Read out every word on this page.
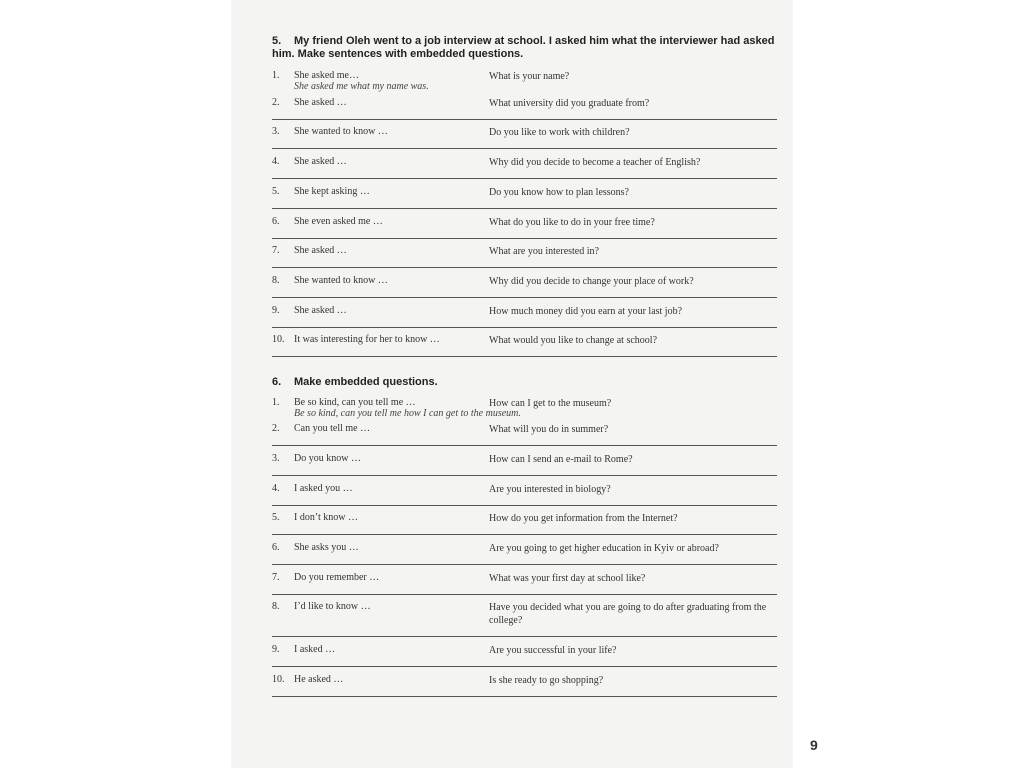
5. My friend Oleh went to a job interview at school. I asked him what the interviewer had asked him. Make sentences with embedded questions.
1.	She asked me…	What is your name?
She asked me what my name was.
2.	She asked …	What university did you graduate from?
3.	She wanted to know …	Do you like to work with children?
4.	She asked …	Why did you decide to become a teacher of English?
5.	She kept asking …	Do you know how to plan lessons?
6.	She even asked me …	What do you like to do in your free time?
7.	She asked …	What are you interested in?
8.	She wanted to know …	Why did you decide to change your place of work?
9.	She asked …	How much money did you earn at your last job?
10. It was interesting for her to know …	What would you like to change at school?
6. Make embedded questions.
1.	Be so kind, can you tell me …	How can I get to the museum?
Be so kind, can you tell me how I can get to the museum.
2.	Can you tell me …	What will you do in summer?
3.	Do you know …	How can I send an e-mail to Rome?
4.	I asked you …	Are you interested in biology?
5.	I don’t know …	How do you get information from the Internet?
6.	She asks you …	Are you going to get higher education in Kyiv or abroad?
7.	Do you remember …	What was your first day at school like?
8.	I’d like to know …	Have you decided what you are going to do after graduating from the college?
9.	I asked …	Are you successful in your life?
10. He asked …	Is she ready to go shopping?
9
